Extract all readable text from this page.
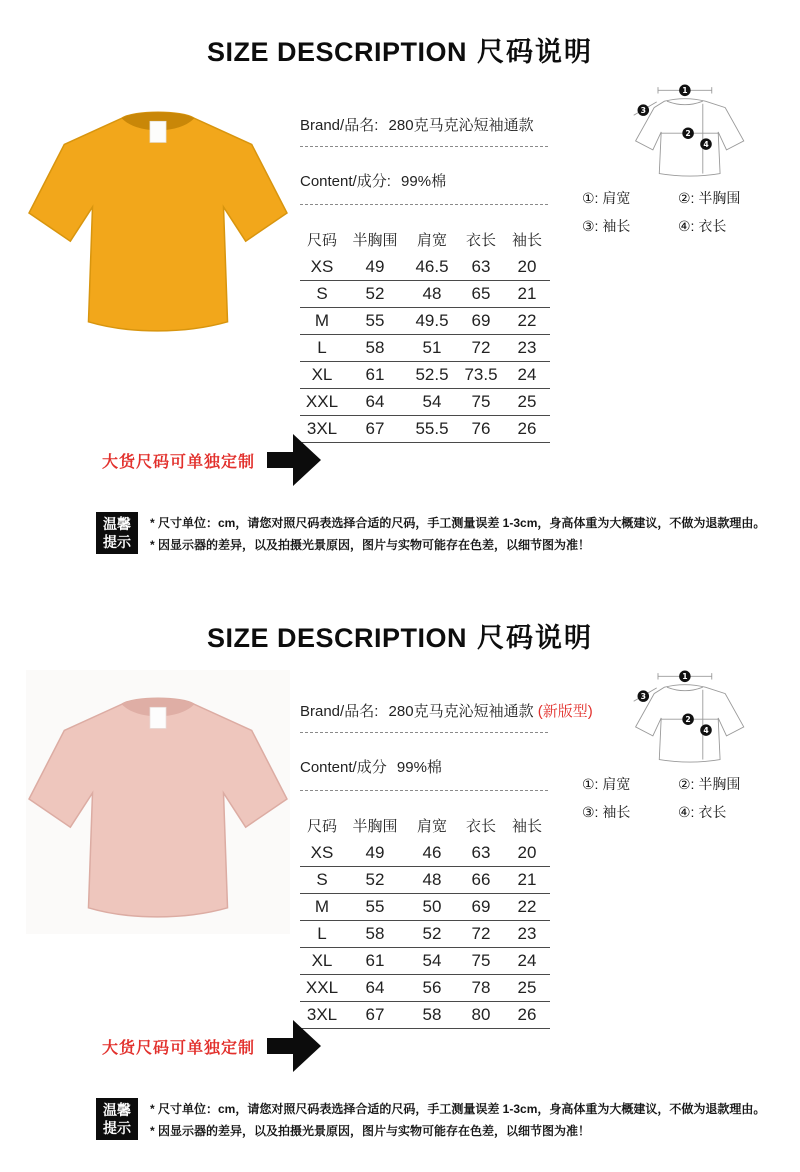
SIZE DESCRIPTION 尺码说明
Brand/品名: 280克马克沁短袖通款
Content/成分: 99%棉
尺码	半胸围	肩宽	衣长	袖长
XS	49	46.5	63	20
S	52	48	65	21
M	55	49.5	69	22
L	58	51	72	23
XL	61	52.5	73.5	24
XXL	64	54	75	25
3XL	67	55.5	76	26
1
2
3
4
①: 肩宽	②: 半胸围
③: 袖长	④: 衣长
大货尺码可单独定制
温馨
提示
* 尺寸单位：cm，请您对照尺码表选择合适的尺码，手工测量误差 1-3cm，身高体重为大概建议，不做为退款理由。
* 因显示器的差异，以及拍摄光景原因，图片与实物可能存在色差，以细节图为准！
SIZE DESCRIPTION 尺码说明
Brand/品名: 280克马克沁短袖通款 (新版型)
Content/成分 99%棉
尺码	半胸围	肩宽	衣长	袖长
XS	49	46	63	20
S	52	48	66	21
M	55	50	69	22
L	58	52	72	23
XL	61	54	75	24
XXL	64	56	78	25
3XL	67	58	80	26
1
2
3
4
①: 肩宽	②: 半胸围
③: 袖长	④: 衣长
大货尺码可单独定制
温馨
提示
* 尺寸单位：cm，请您对照尺码表选择合适的尺码，手工测量误差 1-3cm，身高体重为大概建议，不做为退款理由。
* 因显示器的差异，以及拍摄光景原因，图片与实物可能存在色差，以细节图为准！
